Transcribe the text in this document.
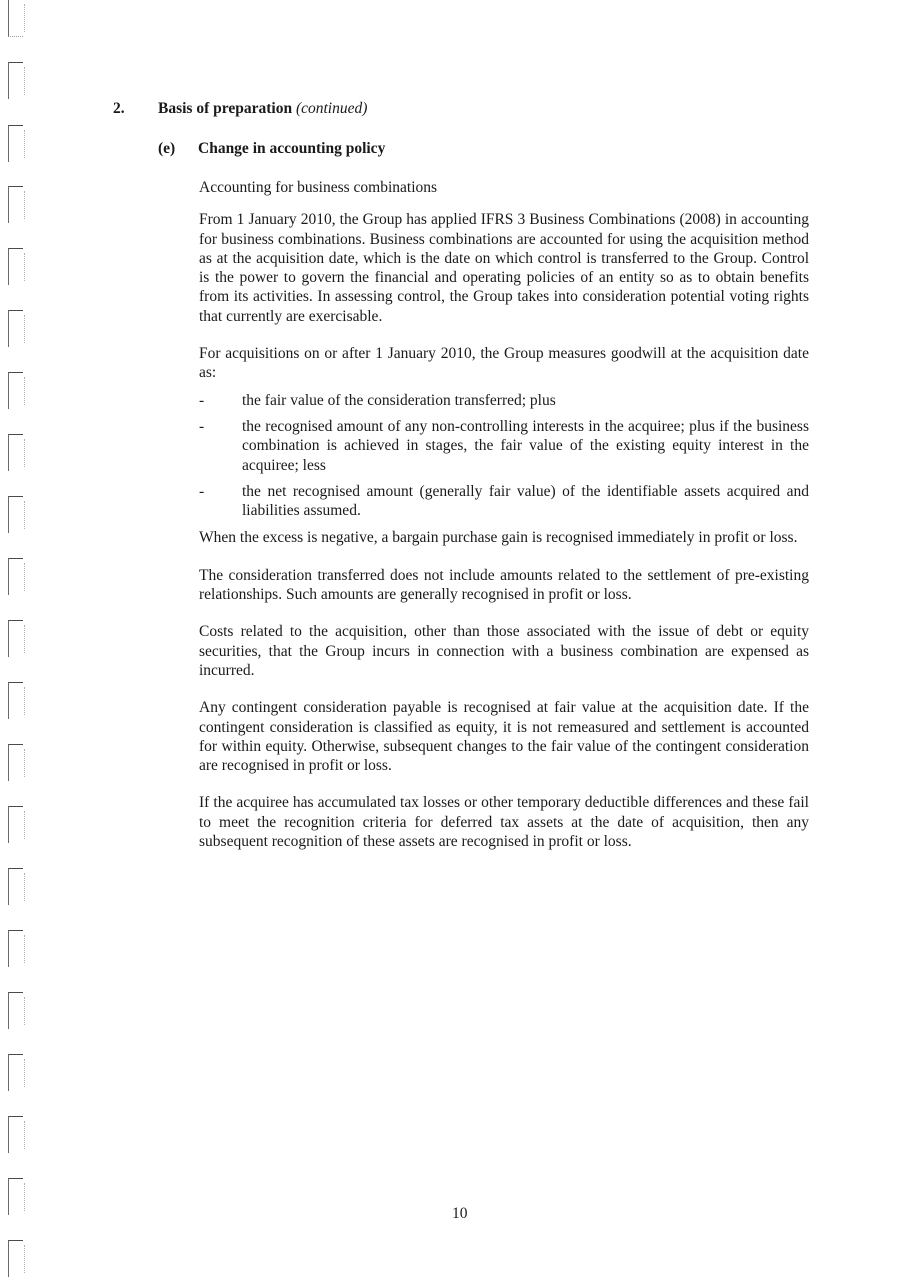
2. Basis of preparation (continued)
(e) Change in accounting policy

Accounting for business combinations

From 1 January 2010, the Group has applied IFRS 3 Business Combinations (2008) in accounting for business combinations. Business combinations are accounted for using the acquisition method as at the acquisition date, which is the date on which control is transferred to the Group. Control is the power to govern the financial and operating policies of an entity so as to obtain benefits from its activities. In assessing control, the Group takes into consideration potential voting rights that currently are exercisable.

For acquisitions on or after 1 January 2010, the Group measures goodwill at the acquisition date as:

- the fair value of the consideration transferred; plus
- the recognised amount of any non-controlling interests in the acquiree; plus if the business combination is achieved in stages, the fair value of the existing equity interest in the acquiree; less
- the net recognised amount (generally fair value) of the identifiable assets acquired and liabilities assumed.

When the excess is negative, a bargain purchase gain is recognised immediately in profit or loss.

The consideration transferred does not include amounts related to the settlement of pre-existing relationships. Such amounts are generally recognised in profit or loss.

Costs related to the acquisition, other than those associated with the issue of debt or equity securities, that the Group incurs in connection with a business combination are expensed as incurred.

Any contingent consideration payable is recognised at fair value at the acquisition date. If the contingent consideration is classified as equity, it is not remeasured and settlement is accounted for within equity. Otherwise, subsequent changes to the fair value of the contingent consideration are recognised in profit or loss.

If the acquiree has accumulated tax losses or other temporary deductible differences and these fail to meet the recognition criteria for deferred tax assets at the date of acquisition, then any subsequent recognition of these assets are recognised in profit or loss.

10
